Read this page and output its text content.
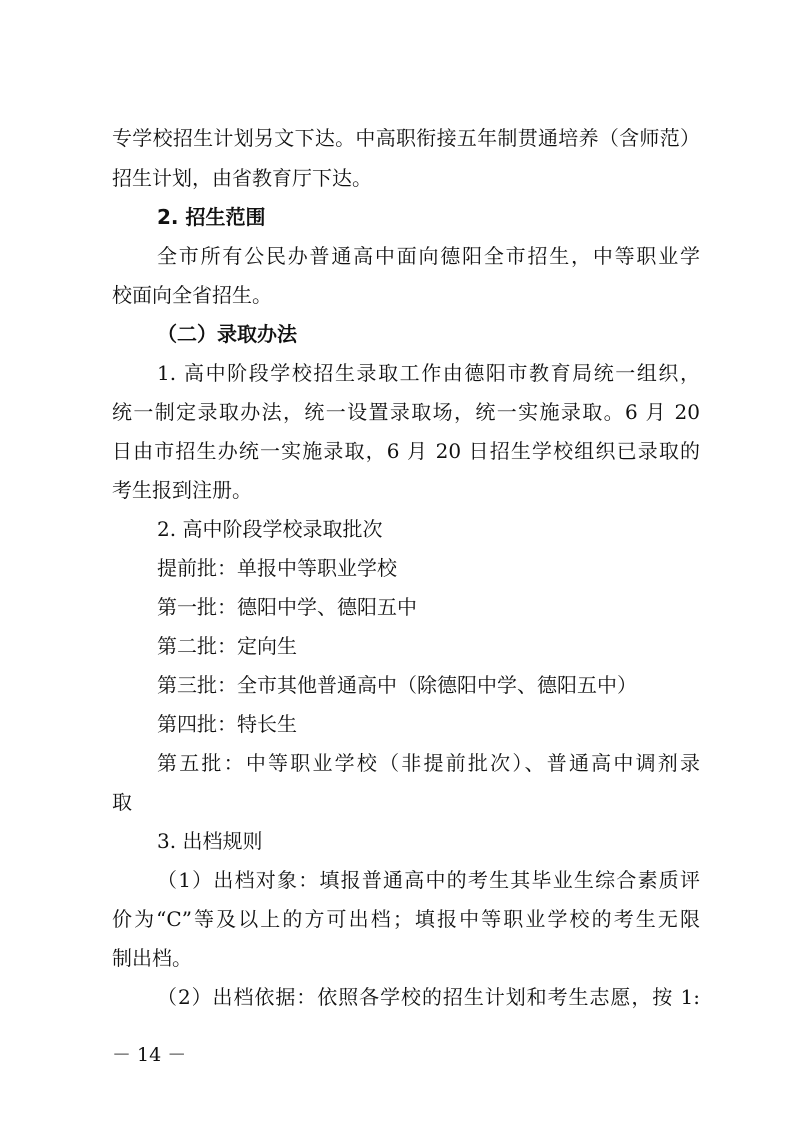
专学校招生计划另文下达。中高职衔接五年制贯通培养（含师范）
招生计划，由省教育厅下达。
2. 招生范围
全市所有公民办普通高中面向德阳全市招生，中等职业学
校面向全省招生。
（二）录取办法
1. 高中阶段学校招生录取工作由德阳市教育局统一组织，
统一制定录取办法，统一设置录取场，统一实施录取。6 月 20
日由市招生办统一实施录取，6 月 20 日招生学校组织已录取的
考生报到注册。
2. 高中阶段学校录取批次
提前批：单报中等职业学校
第一批：德阳中学、德阳五中
第二批：定向生
第三批：全市其他普通高中（除德阳中学、德阳五中）
第四批：特长生
第五批：中等职业学校（非提前批次）、普通高中调剂录
取
3. 出档规则
（1）出档对象：填报普通高中的考生其毕业生综合素质评
价为“C”等及以上的方可出档；填报中等职业学校的考生无限
制出档。
（2）出档依据：依照各学校的招生计划和考生志愿，按 1:
－ 14 －
